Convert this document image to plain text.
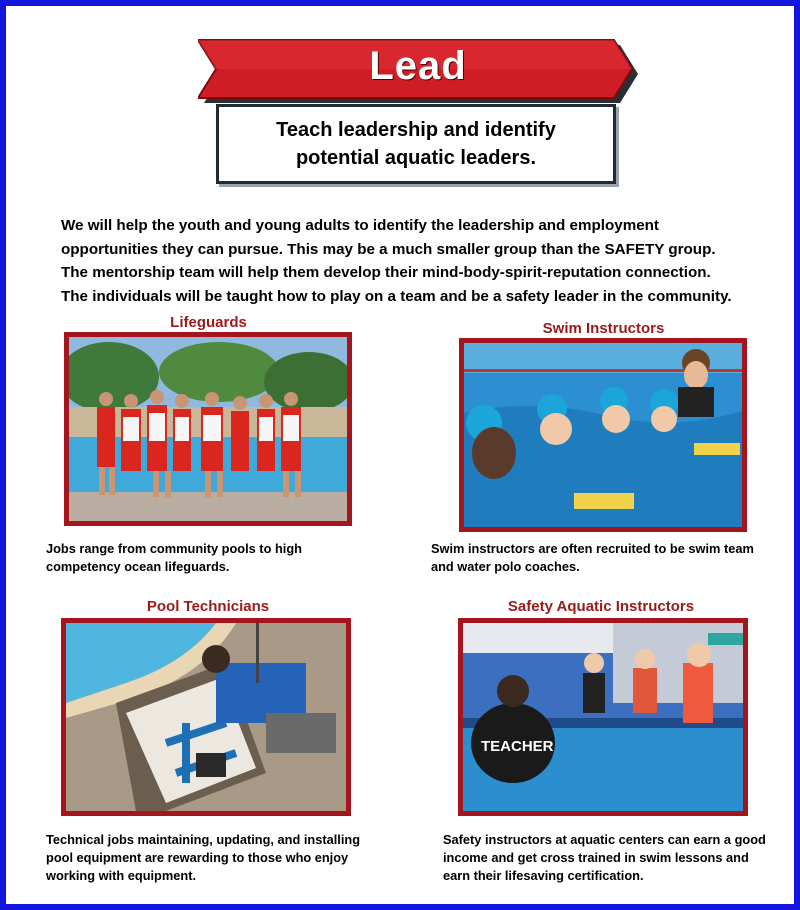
Lead
Teach leadership and identify
potential aquatic leaders.
We will help the youth and young adults to identify the leadership and employment
opportunities they can pursue. This may be a much smaller group than the SAFETY group.
The mentorship team will help them develop their mind-body-spirit-reputation connection.
The individuals will be taught how to play on a team and be a safety leader in the community.
Lifeguards
Jobs range from community pools to high
competency ocean lifeguards.
Swim Instructors
Swim instructors are often recruited to be swim team
and water polo coaches.
Pool Technicians
Technical jobs maintaining, updating, and installing
pool equipment are rewarding to those who enjoy
working with equipment.
Safety Aquatic Instructors
TEACHER
Safety instructors at aquatic centers can earn a good
income and get cross trained in swim lessons and
earn their lifesaving certification.
